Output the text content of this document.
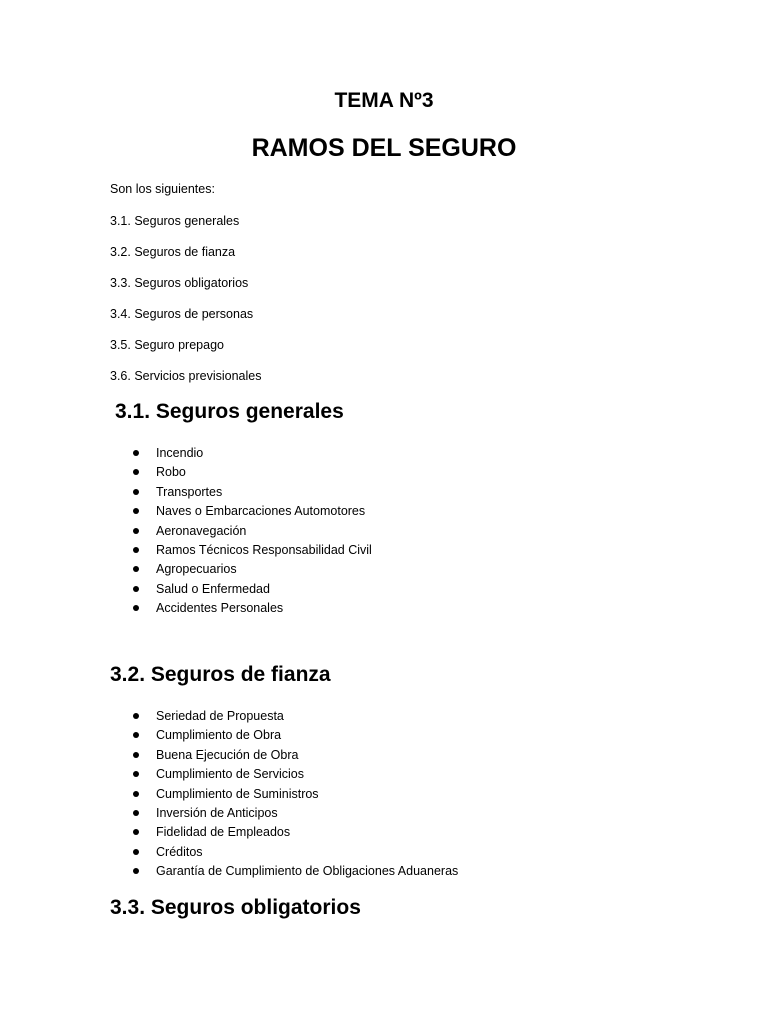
TEMA Nº3
RAMOS DEL SEGURO

Son los siguientes:

3.1. Seguros generales
3.2. Seguros de fianza
3.3. Seguros obligatorios
3.4. Seguros de personas
3.5. Seguro prepago
3.6. Servicios previsionales
3.1. Seguros generales
Incendio
Robo
Transportes
Naves o Embarcaciones Automotores
Aeronavegación
Ramos Técnicos Responsabilidad Civil
Agropecuarios
Salud o Enfermedad
Accidentes Personales
3.2. Seguros de fianza
Seriedad de Propuesta
Cumplimiento de Obra
Buena Ejecución de Obra
Cumplimiento de Servicios
Cumplimiento de Suministros
Inversión de Anticipos
Fidelidad de Empleados
Créditos
Garantía de Cumplimiento de Obligaciones Aduaneras
3.3. Seguros obligatorios
